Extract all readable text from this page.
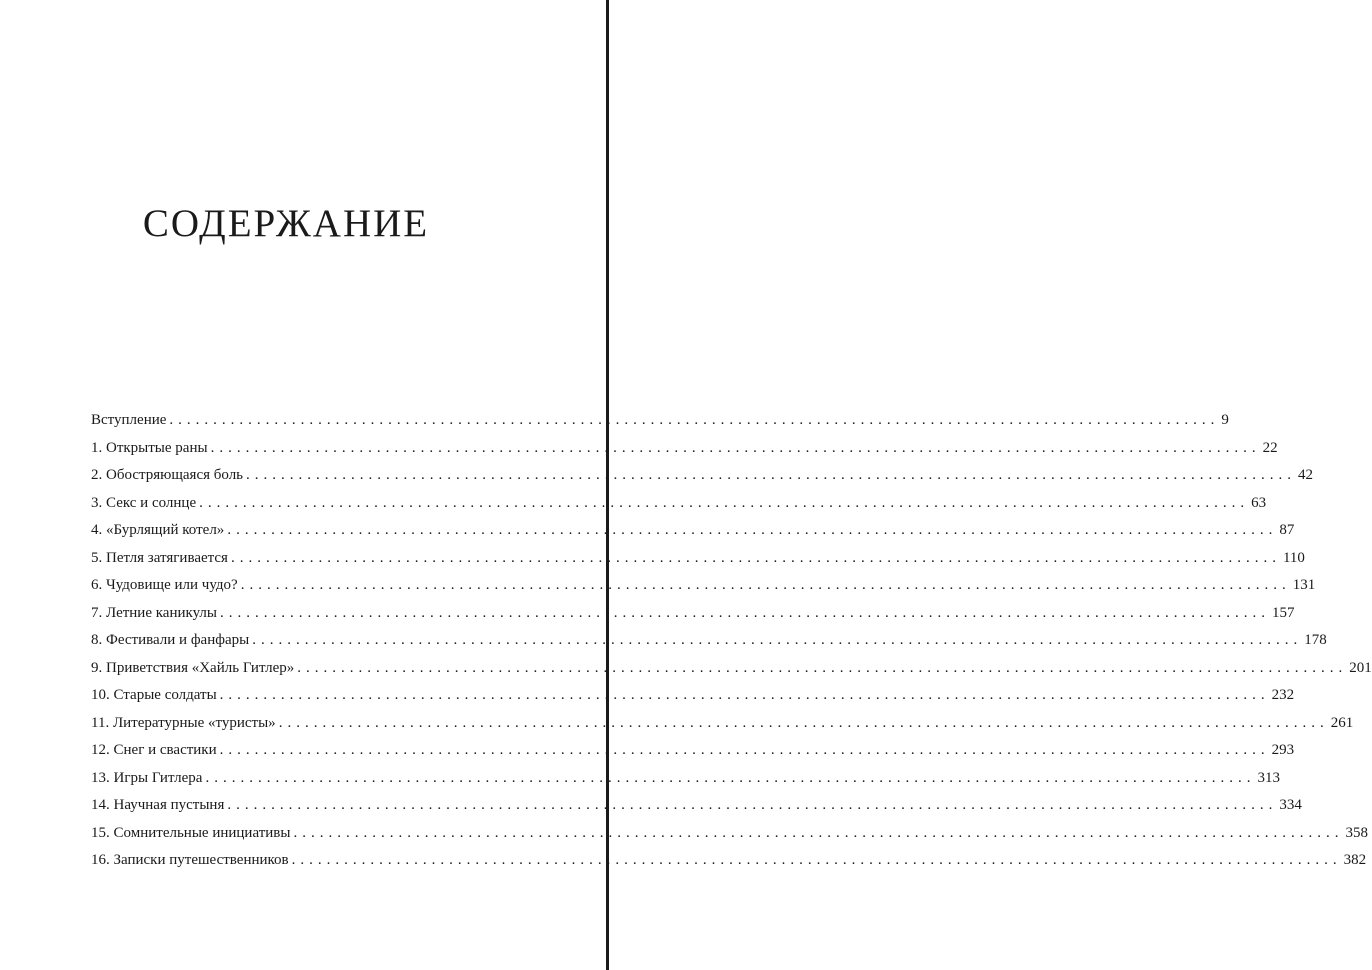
СОДЕРЖАНИЕ
Вступление ........................................................................................................................ 9
1. Открытые раны ........................................................................................................................ 22
2. Обостряющаяся боль ........................................................................................................................ 42
3. Секс и солнце ........................................................................................................................ 63
4. «Бурлящий котел» ........................................................................................................................ 87
5. Петля затягивается ........................................................................................................................ 110
6. Чудовище или чудо? ........................................................................................................................ 131
7. Летние каникулы ........................................................................................................................ 157
8. Фестивали и фанфары ........................................................................................................................ 178
9. Приветствия «Хайль Гитлер» ........................................................................................................................ 201
10. Старые солдаты ........................................................................................................................ 232
11. Литературные «туристы» ........................................................................................................................ 261
12. Снег и свастики ........................................................................................................................ 293
13. Игры Гитлера ........................................................................................................................ 313
14. Научная пустыня ........................................................................................................................ 334
15. Сомнительные инициативы ........................................................................................................................ 358
16. Записки путешественников ........................................................................................................................ 382
